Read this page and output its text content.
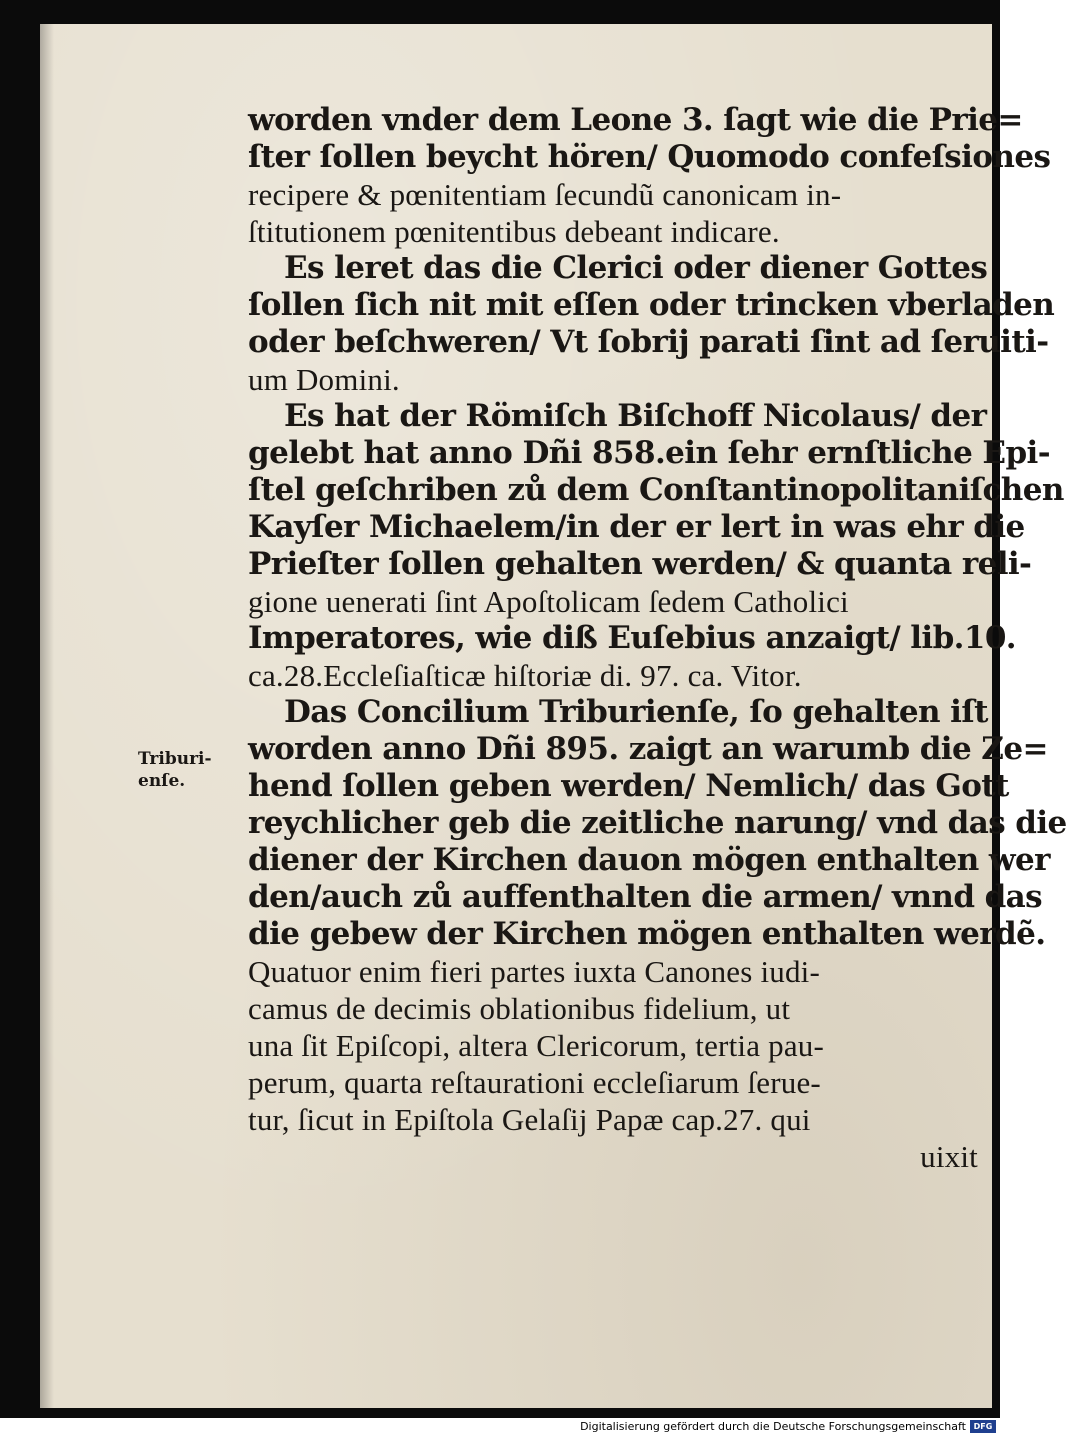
worden vnder dem Leone 3. ſagt wie die Prie=
ſter ſollen beycht hören/ Quomodo confeſsiones
recipere & pœnitentiam ſecundũ canonicam in-
ſtitutionem pœnitentibus debeant indicare.
Es leret das die Clerici oder diener Gottes
ſollen ſich nit mit eſſen oder trincken vberladen
oder beſchweren/ Vt ſobrij parati ſint ad ſeruiti-
um Domini.
Es hat der Römiſch Biſchoff Nicolaus/ der
gelebt hat anno Dñi 858.ein ſehr ernſtliche Epi-
ſtel geſchriben zů dem Conſtantinopolitaniſchen
Kayſer Michaelem/in der er lert in was ehr die
Prieſter ſollen gehalten werden/ & quanta reli-
gione uenerati ſint Apoſtolicam ſedem Catholici
Imperatores, wie diß Euſebius anzaigt/ lib.10.
ca.28.Eccleſiaſticæ hiſtoriæ di. 97. ca. Vitor.
Das Concilium Triburienſe, ſo gehalten iſt
worden anno Dñi 895. zaigt an warumb die Ze=
hend ſollen geben werden/ Nemlich/ das Gott
reychlicher geb die zeitliche narung/ vnd das die
diener der Kirchen dauon mögen enthalten wer
den/auch zů auffenthalten die armen/ vnnd das
die gebew der Kirchen mögen enthalten werdẽ.
Quatuor enim fieri partes iuxta Canones iudi-
camus de decimis oblationibus fidelium, ut
una ſit Epiſcopi, altera Clericorum, tertia pau-
perum, quarta reſtaurationi eccleſiarum ſerue-
tur, ſicut in Epiſtola Gelaſij Papæ cap.27. qui
uixit
Triburi-
enſe.
Digitalisierung gefördert durch die Deutsche Forschungsgemeinschaft DFG
